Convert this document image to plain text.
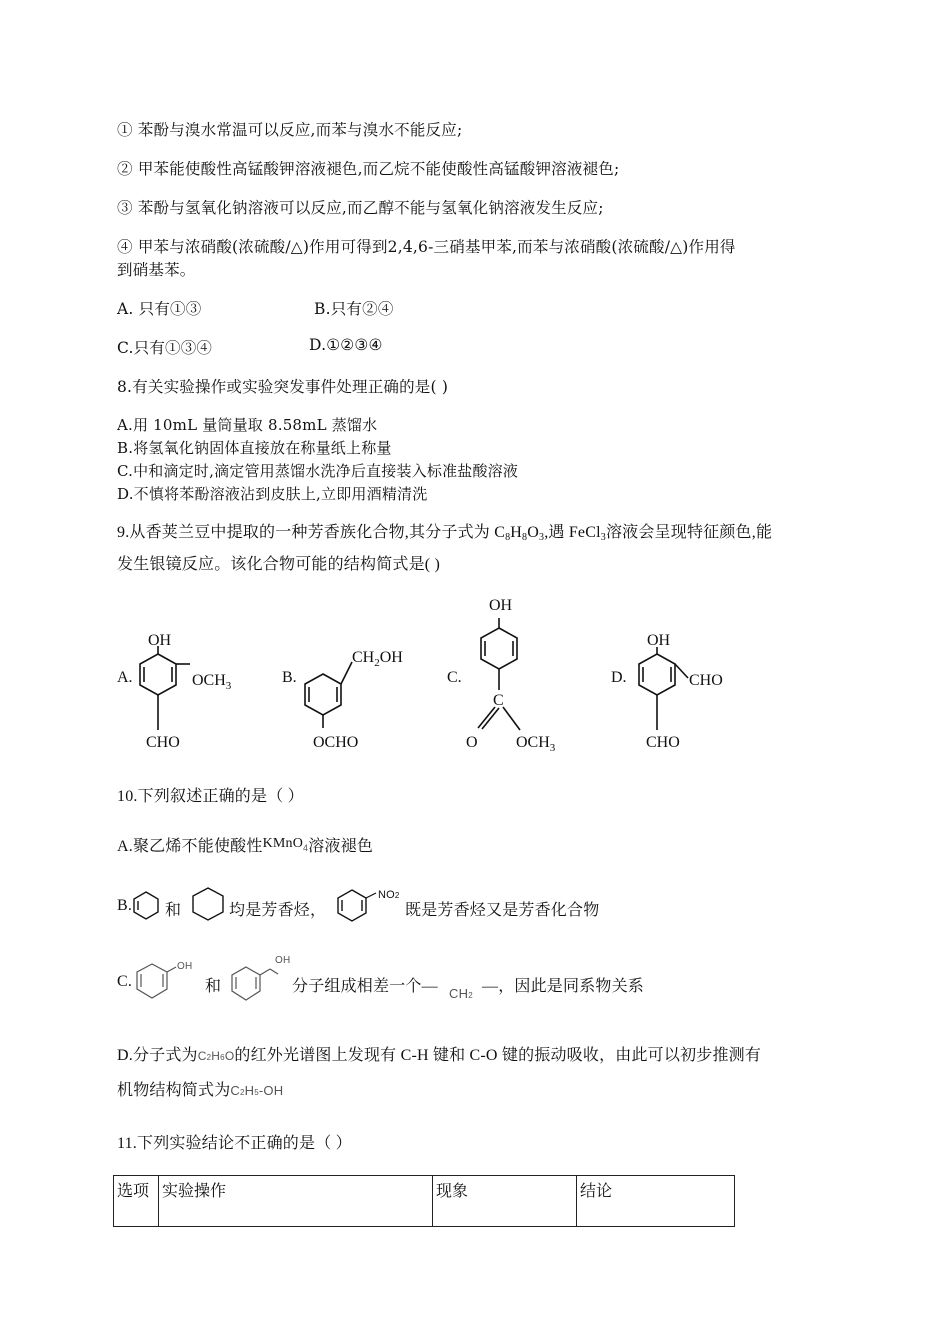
① 苯酚与溴水常温可以反应,而苯与溴水不能反应;
② 甲苯能使酸性高锰酸钾溶液褪色,而乙烷不能使酸性高锰酸钾溶液褪色;
③ 苯酚与氢氧化钠溶液可以反应,而乙醇不能与氢氧化钠溶液发生反应;
④ 甲苯与浓硝酸(浓硫酸/△)作用可得到2,4,6-三硝基甲苯,而苯与浓硝酸(浓硫酸/△)作用得
到硝基苯。
A. 只有①③	B.只有②④
C.只有①③④	D.①②③④
8.有关实验操作或实验突发事件处理正确的是( )
A.用 10mL 量筒量取 8.58mL 蒸馏水
B.将氢氧化钠固体直接放在称量纸上称量
C.中和滴定时,滴定管用蒸馏水洗净后直接装入标准盐酸溶液
D.不慎将苯酚溶液沾到皮肤上,立即用酒精清洗
9.从香荚兰豆中提取的一种芳香族化合物,其分子式为 $C_8H_8O_3$,遇 FeCl$_3$溶液会呈现特征颜色,能
发生银镜反应。该化合物可能的结构简式是( )
A.
OH
$OCH_3$
CHO
B.
$CH_2OH$
OCHO
C.
OH
C
O $OCH_3$
D.
OH
CHO
CHO
10.下列叙述正确的是（ ）
A.聚乙烯不能使酸性KMnO4溶液褪色
B. 和	均是芳香烃，
NO2
既是芳香烃又是芳香化合物
C.
OH
和
OH
分子组成相差一个— CH2
—，因此是同系物关系
D.分子式为C2H6O的红外光谱图上发现有 C-H 键和 C-O 键的振动吸收，由此可以初步推测有
机物结构简式为C2H5-OH
11.下列实验结论不正确的是（ ）
选项	实验操作	现象	结论
